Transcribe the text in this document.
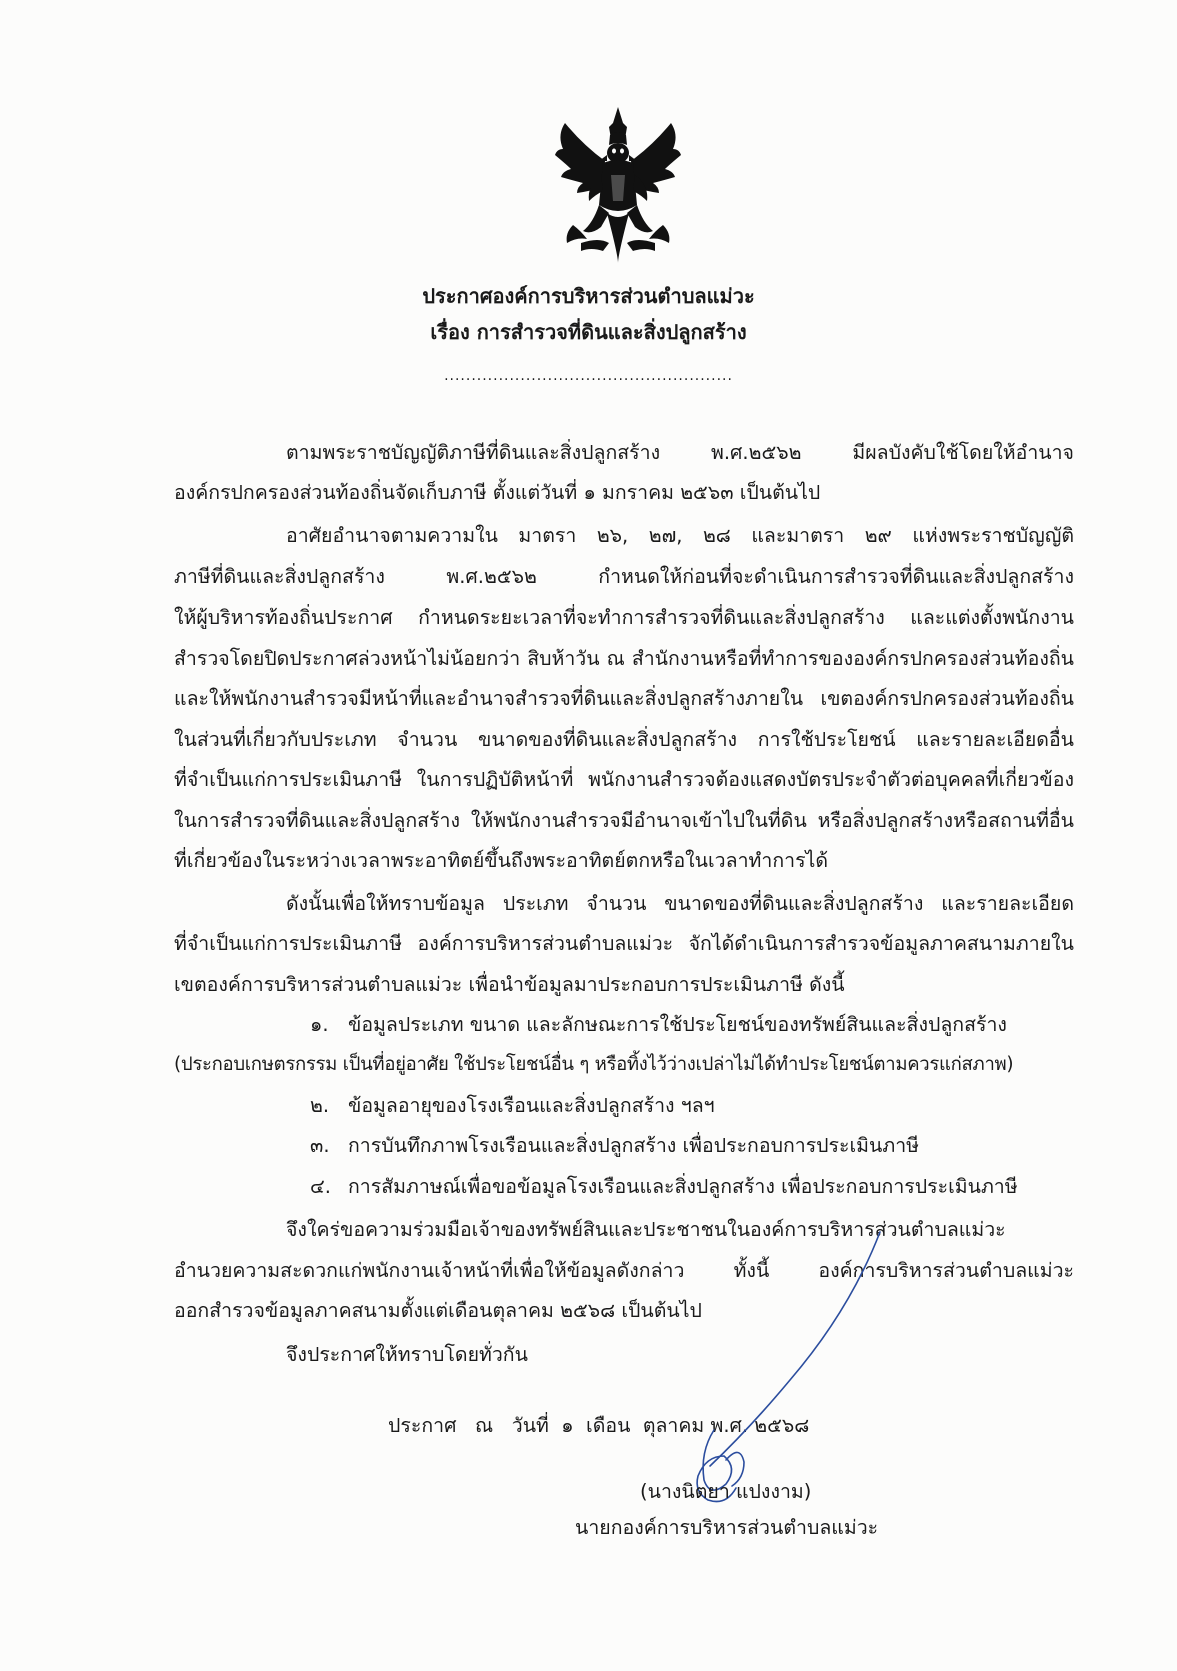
ประกาศองค์การบริหารส่วนตำบลแม่วะ
เรื่อง การสำรวจที่ดินและสิ่งปลูกสร้าง
.....................................................
ตามพระราชบัญญัติภาษีที่ดินและสิ่งปลูกสร้าง พ.ศ.๒๕๖๒ มีผลบังคับใช้โดยให้อำนาจ
องค์กรปกครองส่วนท้องถิ่นจัดเก็บภาษี ตั้งแต่วันที่ ๑ มกราคม ๒๕๖๓ เป็นต้นไป
อาศัยอำนาจตามความใน มาตรา ๒๖, ๒๗, ๒๘ และมาตรา ๒๙ แห่งพระราชบัญญัติ
ภาษีที่ดินและสิ่งปลูกสร้าง พ.ศ.๒๕๖๒ กำหนดให้ก่อนที่จะดำเนินการสำรวจที่ดินและสิ่งปลูกสร้าง
ให้ผู้บริหารท้องถิ่นประกาศ กำหนดระยะเวลาที่จะทำการสำรวจที่ดินและสิ่งปลูกสร้าง และแต่งตั้งพนักงาน
สำรวจโดยปิดประกาศล่วงหน้าไม่น้อยกว่า สิบห้าวัน ณ สำนักงานหรือที่ทำการขององค์กรปกครองส่วนท้องถิ่น
และให้พนักงานสำรวจมีหน้าที่และอำนาจสำรวจที่ดินและสิ่งปลูกสร้างภายใน เขตองค์กรปกครองส่วนท้องถิ่น
ในส่วนที่เกี่ยวกับประเภท จำนวน ขนาดของที่ดินและสิ่งปลูกสร้าง การใช้ประโยชน์ และรายละเอียดอื่น
ที่จำเป็นแก่การประเมินภาษี ในการปฏิบัติหน้าที่ พนักงานสำรวจต้องแสดงบัตรประจำตัวต่อบุคคลที่เกี่ยวข้อง
ในการสำรวจที่ดินและสิ่งปลูกสร้าง ให้พนักงานสำรวจมีอำนาจเข้าไปในที่ดิน หรือสิ่งปลูกสร้างหรือสถานที่อื่น
ที่เกี่ยวข้องในระหว่างเวลาพระอาทิตย์ขึ้นถึงพระอาทิตย์ตกหรือในเวลาทำการได้
ดังนั้นเพื่อให้ทราบข้อมูล ประเภท จำนวน ขนาดของที่ดินและสิ่งปลูกสร้าง และรายละเอียด
ที่จำเป็นแก่การประเมินภาษี องค์การบริหารส่วนตำบลแม่วะ จักได้ดำเนินการสำรวจข้อมูลภาคสนามภายใน
เขตองค์การบริหารส่วนตำบลแม่วะ เพื่อนำข้อมูลมาประกอบการประเมินภาษี ดังนี้
๑. ข้อมูลประเภท ขนาด และลักษณะการใช้ประโยชน์ของทรัพย์สินและสิ่งปลูกสร้าง
(ประกอบเกษตรกรรม เป็นที่อยู่อาศัย ใช้ประโยชน์อื่น ๆ หรือทิ้งไว้ว่างเปล่าไม่ได้ทำประโยชน์ตามควรแก่สภาพ)
๒. ข้อมูลอายุของโรงเรือนและสิ่งปลูกสร้าง ฯลฯ
๓. การบันทึกภาพโรงเรือนและสิ่งปลูกสร้าง เพื่อประกอบการประเมินภาษี
๔. การสัมภาษณ์เพื่อขอข้อมูลโรงเรือนและสิ่งปลูกสร้าง เพื่อประกอบการประเมินภาษี
จึงใคร่ขอความร่วมมือเจ้าของทรัพย์สินและประชาชนในองค์การบริหารส่วนตำบลแม่วะ
อำนวยความสะดวกแก่พนักงานเจ้าหน้าที่เพื่อให้ข้อมูลดังกล่าว ทั้งนี้ องค์การบริหารส่วนตำบลแม่วะ
ออกสำรวจข้อมูลภาคสนามตั้งแต่เดือนตุลาคม ๒๕๖๘ เป็นต้นไป
จึงประกาศให้ทราบโดยทั่วกัน
ประกาศ   ณ   วันที่  ๑  เดือน  ตุลาคม พ.ศ. ๒๕๖๘
(นางนิตยา แปงงาม)
นายกองค์การบริหารส่วนตำบลแม่วะ
